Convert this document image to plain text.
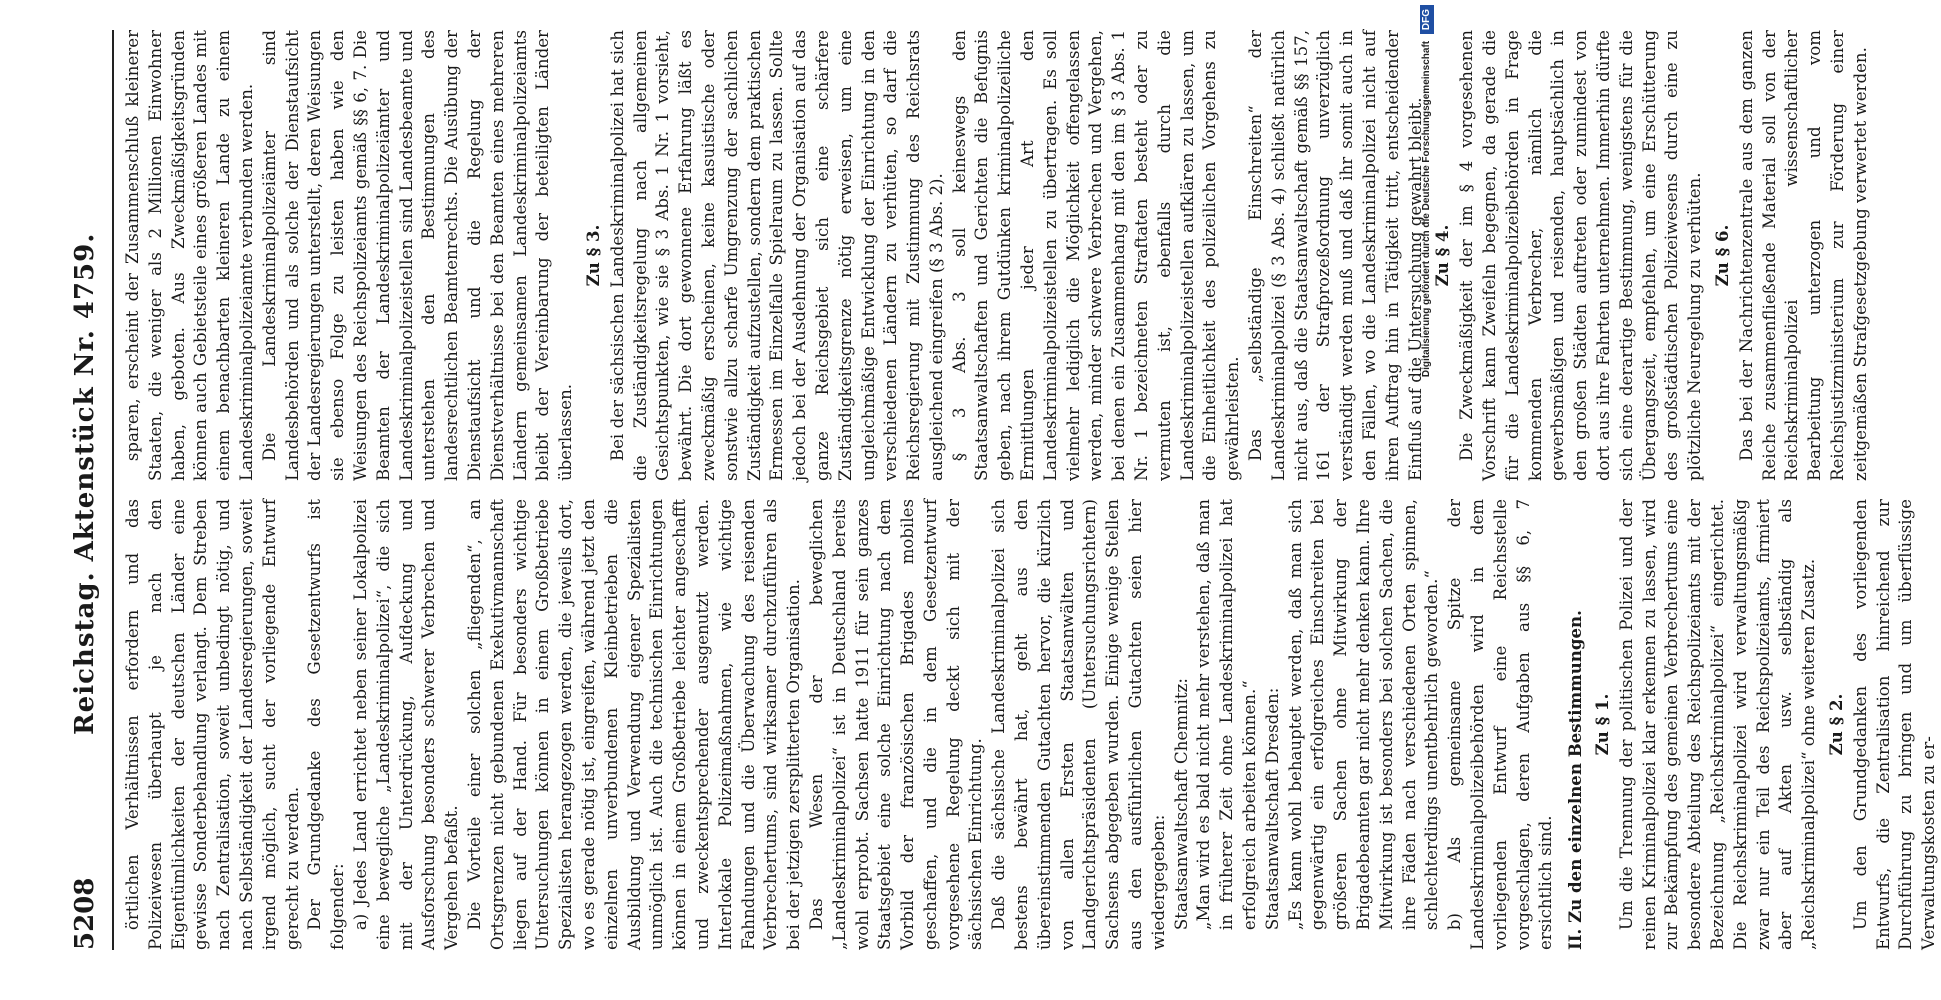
5208
Reichstag. Aktenstück Nr. 4759. örtlichen Verhältnissen erfordern und das Polizeiwesen überhaupt je nach den Eigentümlichkeiten der deutschen Länder eine gewisse Sonderbehandlung verlangt. Dem Streben nach Zentralisation, soweit unbedingt nötig, und nach Selbständigkeit der Landesregierungen, soweit irgend möglich, sucht der vorliegende Entwurf gerecht zu werden. Der Grundgedanke des Gesetzentwurfs ist folgender: a) Jedes Land errichtet neben seiner Lokalpolizei eine bewegliche „Landeskriminalpolizei“, die sich mit der Unterdrückung, Aufdeckung und Ausforschung besonders schwerer Verbrechen und Vergehen befaßt. Die Vorteile einer solchen „fliegenden“, an Ortsgrenzen nicht gebundenen Exekutivmannschaft liegen auf der Hand. Für besonders wichtige Untersuchungen können in einem Großbetriebe Spezialisten herangezogen werden, die jeweils dort, wo es gerade nötig ist, eingreifen, während jetzt den einzelnen unverbundenen Kleinbetrieben die Ausbildung und Verwendung eigener Spezialisten unmöglich ist. Auch die technischen Einrichtungen können in einem Großbetriebe leichter angeschafft und zweckentsprechender ausgenutzt werden. Interlokale Polizeimaßnahmen, wie wichtige Fahndungen und die Überwachung des reisenden Verbrechertums, sind wirksamer durchzuführen als bei der jetzigen zersplitterten Organisation. Das Wesen der beweglichen „Landeskriminalpolizei“ ist in Deutschland bereits wohl erprobt. Sachsen hatte 1911 für sein ganzes Staatsgebiet eine solche Einrichtung nach dem Vorbild der französischen Brigades mobiles geschaffen, und die in dem Gesetzentwurf vorgesehene Regelung deckt sich mit der sächsischen Einrichtung. Daß die sächsische Landeskriminalpolizei sich bestens bewährt hat, geht aus den übereinstimmenden Gutachten hervor, die kürzlich von allen Ersten Staatsanwälten und Landgerichtspräsidenten (Untersuchungsrichtern) Sachsens abgegeben wurden. Einige wenige Stellen aus den ausführlichen Gutachten seien hier wiedergegeben: Staatsanwaltschaft Chemnitz: „Man wird es bald nicht mehr verstehen, daß man in früherer Zeit ohne Landeskriminalpolizei hat erfolgreich arbeiten können.“ Staatsanwaltschaft Dresden: „Es kann wohl behauptet werden, daß man sich gegenwärtig ein erfolgreiches Einschreiten bei größeren Sachen ohne Mitwirkung der Brigadebeamten gar nicht mehr denken kann. Ihre Mitwirkung ist besonders bei solchen Sachen, die ihre Fäden nach verschiedenen Orten spinnen, schlechterdings unentbehrlich geworden.“ b) Als gemeinsame Spitze der Landeskriminalpolizeibehörden wird in dem vorliegenden Entwurf eine Reichsstelle vorgeschlagen, deren Aufgaben aus §§ 6, 7 ersichtlich sind. II. Zu den einzelnen Bestimmungen. Zu § 1. Um die Trennung der politischen Polizei und der reinen Kriminalpolizei klar erkennen zu lassen, wird zur Bekämpfung des gemeinen Verbrechertums eine besondere Abteilung des Reichspolizeiamts mit der Bezeichnung „Reichskriminalpolizei“ eingerichtet. Die Reichskriminalpolizei wird verwaltungsmäßig zwar nur ein Teil des Reichspolizeiamts, firmiert aber auf Akten usw. selbständig als „Reichskriminalpolizei“ ohne weiteren Zusatz. Zu § 2. Um den Grundgedanken des vorliegenden Entwurfs, die Zentralisation hinreichend zur Durchführung zu bringen und um überflüssige Verwaltungskosten zu er-

sparen, erscheint der Zusammenschluß kleinerer Staaten, die weniger als 2 Millionen Einwohner haben, geboten. Aus Zweckmäßigkeitsgründen können auch Gebietsteile eines größeren Landes mit einem benachbarten kleineren Lande zu einem Landeskriminalpolizeiamte verbunden werden. Die Landeskriminalpolizeiämter sind Landesbehörden und als solche der Dienstaufsicht der Landesregierungen unterstellt, deren Weisungen sie ebenso Folge zu leisten haben wie den Weisungen des Reichspolizeiamts gemäß §§ 6, 7. Die Beamten der Landeskriminalpolizeiämter und Landeskriminalpolizeistellen sind Landesbeamte und unterstehen den Bestimmungen des landesrechtlichen Beamtenrechts. Die Ausübung der Dienstaufsicht und die Regelung der Dienstverhältnisse bei den Beamten eines mehreren Ländern gemeinsamen Landeskriminalpolizeiamts bleibt der Vereinbarung der beteiligten Länder überlassen.

Zu § 3. Bei der sächsischen Landeskriminalpolizei hat sich die Zuständigkeitsregelung nach allgemeinen Gesichtspunkten, wie sie § 3 Abs. 1 Nr. 1 vorsieht, bewährt. Die dort gewonnene Erfahrung läßt es zweckmäßig erscheinen, keine kasuistische oder sonstwie allzu scharfe Umgrenzung der sachlichen Zuständigkeit aufzustellen, sondern dem praktischen Ermessen im Einzelfalle Spielraum zu lassen. Sollte jedoch bei der Ausdehnung der Organisation auf das ganze Reichsgebiet sich eine schärfere Zuständigkeitsgrenze nötig erweisen, um eine ungleichmäßige Entwicklung der Einrichtung in den verschiedenen Ländern zu verhüten, so darf die Reichsregierung mit Zustimmung des Reichsrats ausgleichend eingreifen (§ 3 Abs. 2). § 3 Abs. 3 soll keineswegs den Staatsanwaltschaften und Gerichten die Befugnis geben, nach ihrem Gutdünken kriminalpolizeiliche Ermittlungen jeder Art den Landeskriminalpolizeistellen zu übertragen. Es soll vielmehr lediglich die Möglichkeit offengelassen werden, minder schwere Verbrechen und Vergehen, bei denen ein Zusammenhang mit den im § 3 Abs. 1 Nr. 1 bezeichneten Straftaten besteht oder zu vermuten ist, ebenfalls durch die Landeskriminalpolizeistellen aufklären zu lassen, um die Einheitlichkeit des polizeilichen Vorgehens zu gewährleisten. Das „selbständige Einschreiten“ der Landeskriminalpolizei (§ 3 Abs. 4) schließt natürlich nicht aus, daß die Staatsanwaltschaft gemäß §§ 157, 161 der Strafprozeßordnung unverzüglich verständigt werden muß und daß ihr somit auch in den Fällen, wo die Landeskriminalpolizei nicht auf ihren Auftrag hin in Tätigkeit tritt, entscheidender Einfluß auf die Untersuchung gewahrt bleibt. Zu § 4. Die Zweckmäßigkeit der im § 4 vorgesehenen Vorschrift kann Zweifeln begegnen, da gerade die für die Landeskriminalpolizeibehörden in Frage kommenden Verbrecher, nämlich die gewerbsmäßigen und reisenden, hauptsächlich in den großen Städten auftreten oder zumindest von dort aus ihre Fahrten unternehmen. Immerhin dürfte sich eine derartige Bestimmung, wenigstens für die Übergangszeit, empfehlen, um eine Erschütterung des großstädtischen Polizeiwesens durch eine zu plötzliche Neuregelung zu verhüten. Zu § 6. Das bei der Nachrichtenzentrale aus dem ganzen Reiche zusammenfließende Material soll von der Reichskriminalpolizei wissenschaftlicher Bearbeitung unterzogen und vom Reichsjustizministerium zur Förderung einer zeitgemäßen Strafgesetzgebung verwertet werden.

Digitalisierung gefördert durch die Deutsche Forschungsgemeinschaft DFG
